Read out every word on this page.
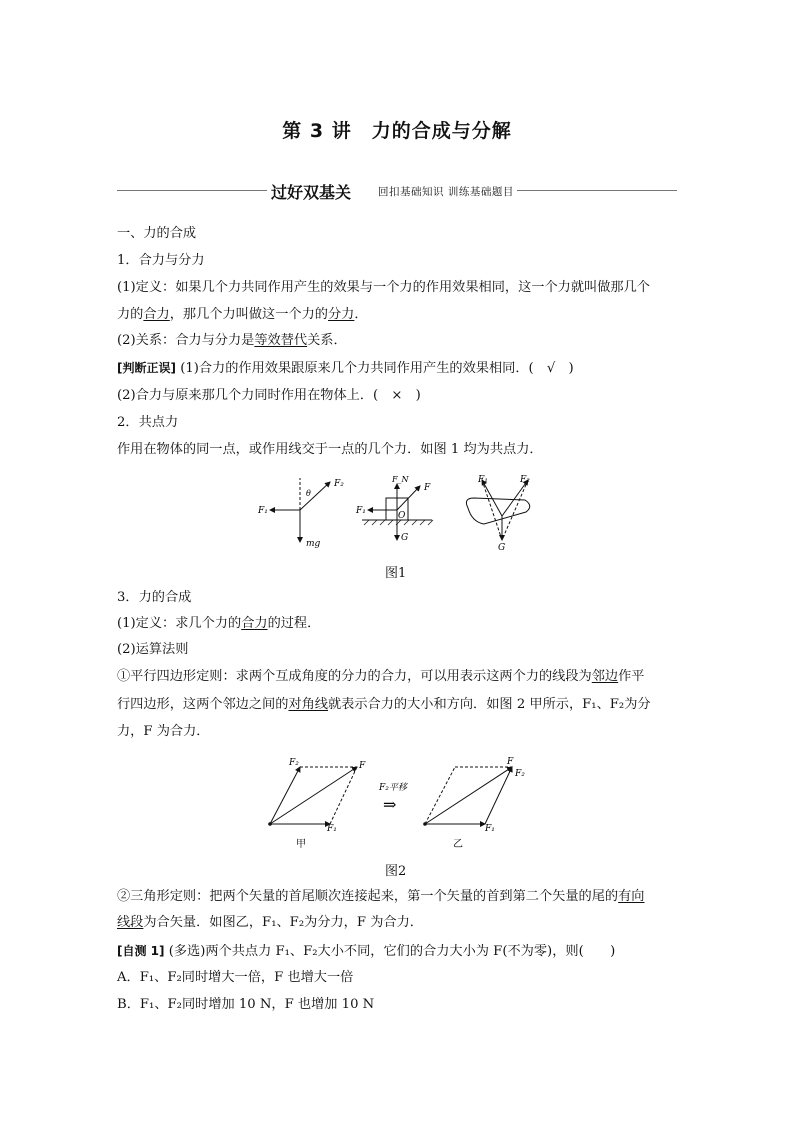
第 3 讲　力的合成与分解
过好双基关	回扣基础知识 训练基础题目
一、力的合成
1．合力与分力
(1)定义：如果几个力共同作用产生的效果与一个力的作用效果相同，这一个力就叫做那几个
力的合力，那几个力叫做这一个力的分力．
(2)关系：合力与分力是等效替代关系．
[判断正误] (1)合力的作用效果跟原来几个力共同作用产生的效果相同．(　√　)
(2)合力与原来那几个力同时作用在物体上．(　×　)
2．共点力
作用在物体的同一点，或作用线交于一点的几个力．如图 1 均为共点力．
F₁
F₂
θ
mg
F₁
F_N
F
O
G
F₁	F₂
G
图1
3．力的合成
(1)定义：求几个力的合力的过程．
(2)运算法则
①平行四边形定则：求两个互成角度的分力的合力，可以用表示这两个力的线段为邻边作平
行四边形，这两个邻边之间的对角线就表示合力的大小和方向．如图 2 甲所示，F₁、F₂为分
力，F 为合力．
F₂	F
F₁
甲
F₂平移
⇒
F
F₂
F₁
乙
图2
②三角形定则：把两个矢量的首尾顺次连接起来，第一个矢量的首到第二个矢量的尾的有向
线段为合矢量．如图乙，F₁、F₂为分力，F 为合力．
[自测 1] (多选)两个共点力 F₁、F₂大小不同，它们的合力大小为 F(不为零)，则(　　)
A．F₁、F₂同时增大一倍，F 也增大一倍
B．F₁、F₂同时增加 10 N，F 也增加 10 N
